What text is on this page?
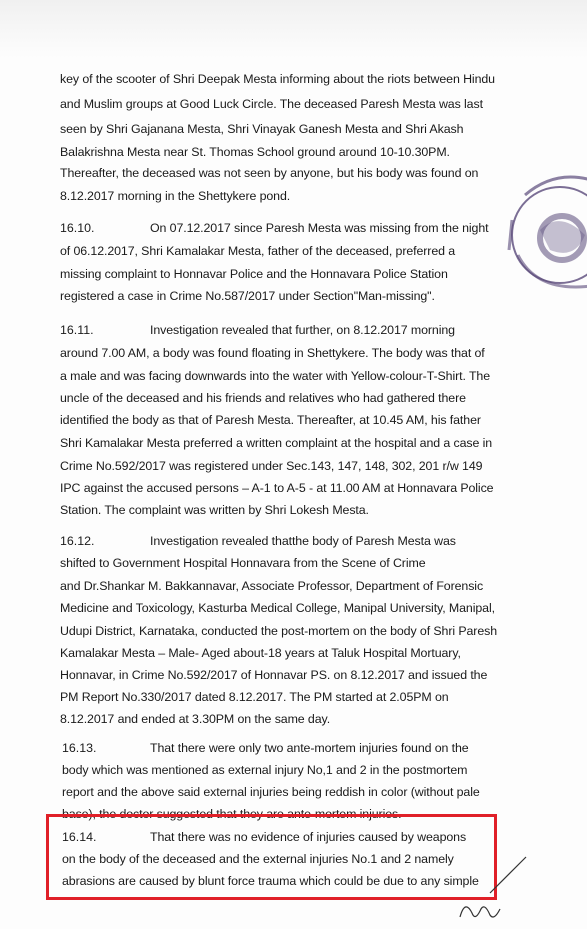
key of the scooter of Shri Deepak Mesta informing about the riots between Hindu
and Muslim groups at Good Luck Circle. The deceased Paresh Mesta was last
seen by Shri Gajanana Mesta, Shri Vinayak Ganesh Mesta and Shri Akash
Balakrishna Mesta near St. Thomas School ground around 10-10.30PM.
Thereafter, the deceased was not seen by anyone, but his body was found on
8.12.2017 morning in the Shettykere pond.
16.10.	On 07.12.2017 since Paresh Mesta was missing from the night
of 06.12.2017, Shri Kamalakar Mesta, father of the deceased, preferred a
missing complaint to Honnavar Police and the Honnavara Police Station
registered a case in Crime No.587/2017 under Section"Man-missing".
16.11.	Investigation revealed that further, on 8.12.2017 morning
around 7.00 AM, a body was found floating in Shettykere. The body was that of
a male and was facing downwards into the water with Yellow-colour-T-Shirt. The
uncle of the deceased and his friends and relatives who had gathered there
identified the body as that of Paresh Mesta. Thereafter, at 10.45 AM, his father
Shri Kamalakar Mesta preferred a written complaint at the hospital and a case in
Crime No.592/2017 was registered under Sec.143, 147, 148, 302, 201 r/w 149
IPC against the accused persons – A-1 to A-5 - at 11.00 AM at Honnavara Police
Station. The complaint was written by Shri Lokesh Mesta.
16.12.	Investigation revealed thatthe body of Paresh Mesta was
shifted to Government Hospital Honnavara from the Scene of Crime
and Dr.Shankar M. Bakkannavar, Associate Professor, Department of Forensic
Medicine and Toxicology, Kasturba Medical College, Manipal University, Manipal,
Udupi District, Karnataka, conducted the post-mortem on the body of Shri Paresh
Kamalakar Mesta – Male- Aged about-18 years at Taluk Hospital Mortuary,
Honnavar, in Crime No.592/2017 of Honnavar PS. on 8.12.2017 and issued the
PM Report No.330/2017 dated 8.12.2017. The PM started at 2.05PM on
8.12.2017 and ended at 3.30PM on the same day.
16.13.	That there were only two ante-mortem injuries found on the
body which was mentioned as external injury No,1 and 2 in the postmortem
report and the above said external injuries being reddish in color (without pale
base), the doctor suggested that they are ante-mortem injuries.
16.14.	That there was no evidence of injuries caused by weapons
on the body of the deceased and the external injuries No.1 and 2 namely
abrasions are caused by blunt force trauma which could be due to any simple
